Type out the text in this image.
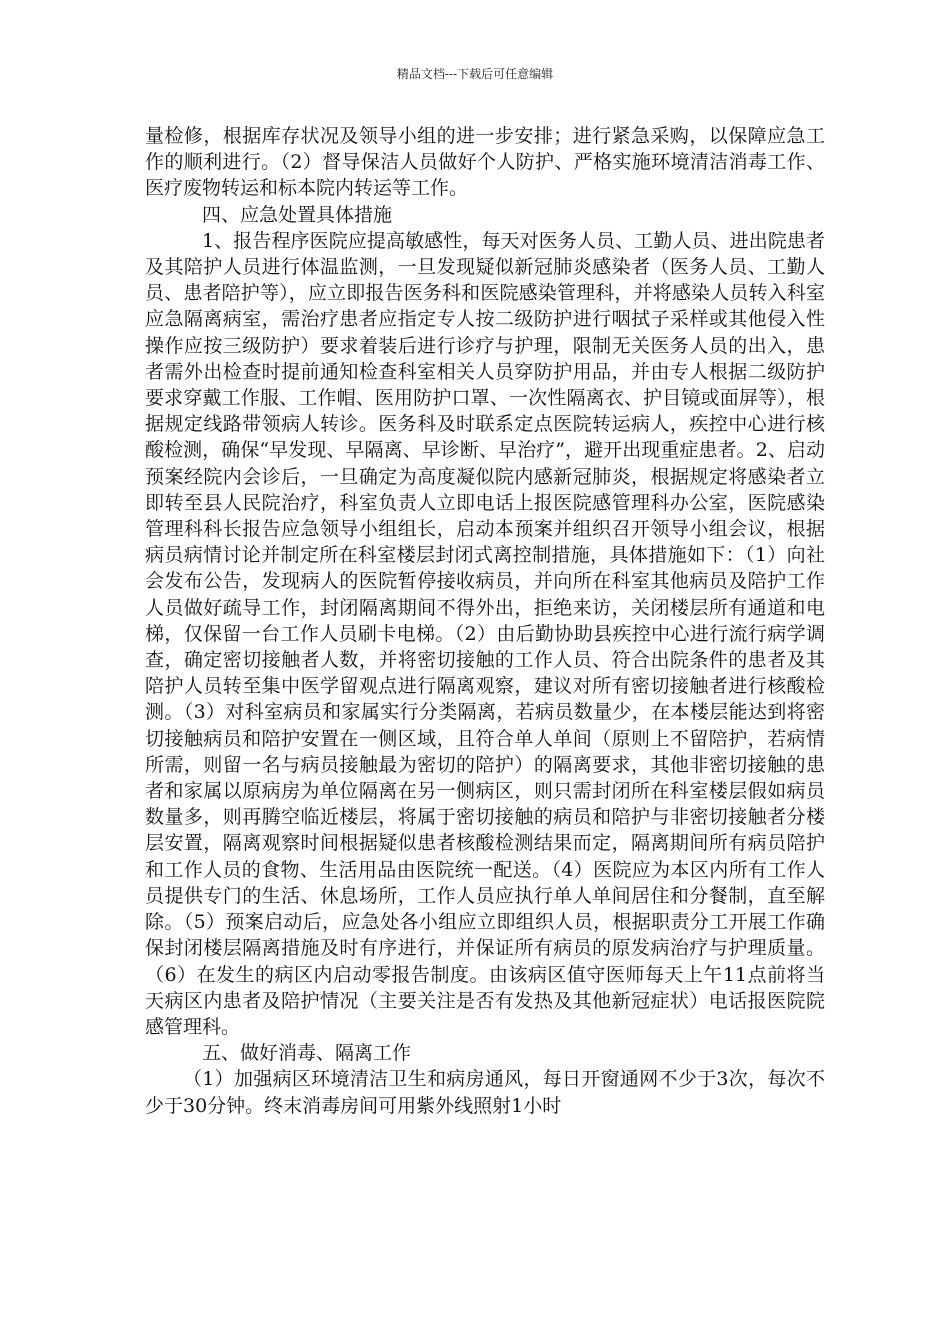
精品文档---下载后可任意编辑

量检修，根据库存状况及领导小组的进一步安排；进行紧急采购，以保障应急工作的顺利进行。（2）督导保洁人员做好个人防护、严格实施环境清洁消毒工作、医疗废物转运和标本院内转运等工作。

四、应急处置具体措施

1、报告程序医院应提高敏感性，每天对医务人员、工勤人员、进出院患者及其陪护人员进行体温监测，一旦发现疑似新冠肺炎感染者（医务人员、工勤人员、患者陪护等），应立即报告医务科和医院感染管理科，并将感染人员转入科室应急隔离病室，需治疗患者应指定专人按二级防护进行咽拭子采样或其他侵入性操作应按三级防护）要求着装后进行诊疗与护理，限制无关医务人员的出入，患者需外出检查时提前通知检查科室相关人员穿防护用品，并由专人根据二级防护要求穿戴工作服、工作帽、医用防护口罩、一次性隔离衣、护目镜或面屏等），根据规定线路带领病人转诊。医务科及时联系定点医院转运病人，疾控中心进行核酸检测，确保“早发现、早隔离、早诊断、早治疗”，避开出现重症患者。2、启动预案经院内会诊后，一旦确定为高度凝似院内感新冠肺炎，根据规定将感染者立即转至县人民院治疗，科室负责人立即电话上报医院感管理科办公室，医院感染管理科科长报告应急领导小组组长，启动本预案并组织召开领导小组会议，根据病员病情讨论并制定所在科室楼层封闭式离控制措施，具体措施如下：（1）向社会发布公告，发现病人的医院暂停接收病员，并向所在科室其他病员及陪护工作人员做好疏导工作，封闭隔离期间不得外出，拒绝来访，关闭楼层所有通道和电梯，仅保留一台工作人员刷卡电梯。（2）由后勤协助县疾控中心进行流行病学调查，确定密切接触者人数，并将密切接触的工作人员、符合出院条件的患者及其陪护人员转至集中医学留观点进行隔离观察，建议对所有密切接触者进行核酸检测。（3）对科室病员和家属实行分类隔离，若病员数量少，在本楼层能达到将密切接触病员和陪护安置在一侧区域，且符合单人单间（原则上不留陪护，若病情所需，则留一名与病员接触最为密切的陪护）的隔离要求，其他非密切接触的患者和家属以原病房为单位隔离在另一侧病区，则只需封闭所在科室楼层假如病员数量多，则再腾空临近楼层，将属于密切接触的病员和陪护与非密切接触者分楼层安置，隔离观察时间根据疑似患者核酸检测结果而定，隔离期间所有病员陪护和工作人员的食物、生活用品由医院统一配送。（4）医院应为本区内所有工作人员提供专门的生活、休息场所，工作人员应执行单人单间居住和分餐制，直至解除。（5）预案启动后，应急处各小组应立即组织人员，根据职责分工开展工作确保封闭楼层隔离措施及时有序进行，并保证所有病员的原发病治疗与护理质量。（6）在发生的病区内启动零报告制度。由该病区值守医师每天上午11点前将当天病区内患者及陪护情况（主要关注是否有发热及其他新冠症状）电话报医院院感管理科。

五、做好消毒、隔离工作

（1）加强病区环境清洁卫生和病房通风，每日开窗通网不少于3次，每次不少于30分钟。终末消毒房间可用紫外线照射1小时
